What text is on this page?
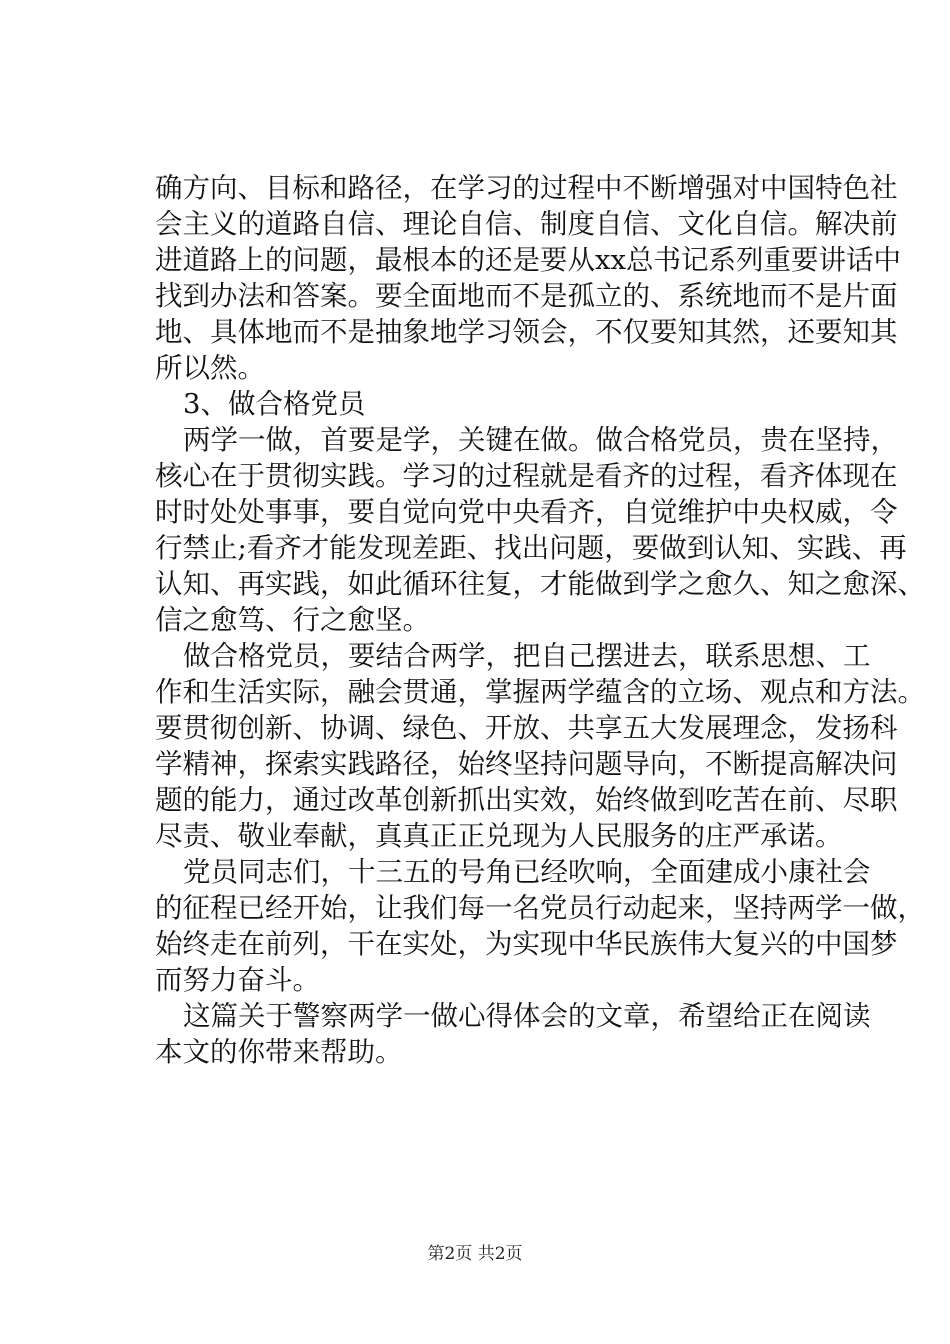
确方向、目标和路径，在学习的过程中不断增强对中国特色社
会主义的道路自信、理论自信、制度自信、文化自信。解决前
进道路上的问题，最根本的还是要从xx总书记系列重要讲话中
找到办法和答案。要全面地而不是孤立的、系统地而不是片面
地、具体地而不是抽象地学习领会，不仅要知其然，还要知其
所以然。
3、做合格党员
两学一做，首要是学，关键在做。做合格党员，贵在坚持，
核心在于贯彻实践。学习的过程就是看齐的过程，看齐体现在
时时处处事事，要自觉向党中央看齐，自觉维护中央权威，令
行禁止;看齐才能发现差距、找出问题，要做到认知、实践、再
认知、再实践，如此循环往复，才能做到学之愈久、知之愈深、
信之愈笃、行之愈坚。
做合格党员，要结合两学，把自己摆进去，联系思想、工
作和生活实际，融会贯通，掌握两学蕴含的立场、观点和方法。
要贯彻创新、协调、绿色、开放、共享五大发展理念，发扬科
学精神，探索实践路径，始终坚持问题导向，不断提高解决问
题的能力，通过改革创新抓出实效，始终做到吃苦在前、尽职
尽责、敬业奉献，真真正正兑现为人民服务的庄严承诺。
党员同志们，十三五的号角已经吹响，全面建成小康社会
的征程已经开始，让我们每一名党员行动起来，坚持两学一做，
始终走在前列，干在实处，为实现中华民族伟大复兴的中国梦
而努力奋斗。
这篇关于警察两学一做心得体会的文章，希望给正在阅读
本文的你带来帮助。
第2页 共2页
